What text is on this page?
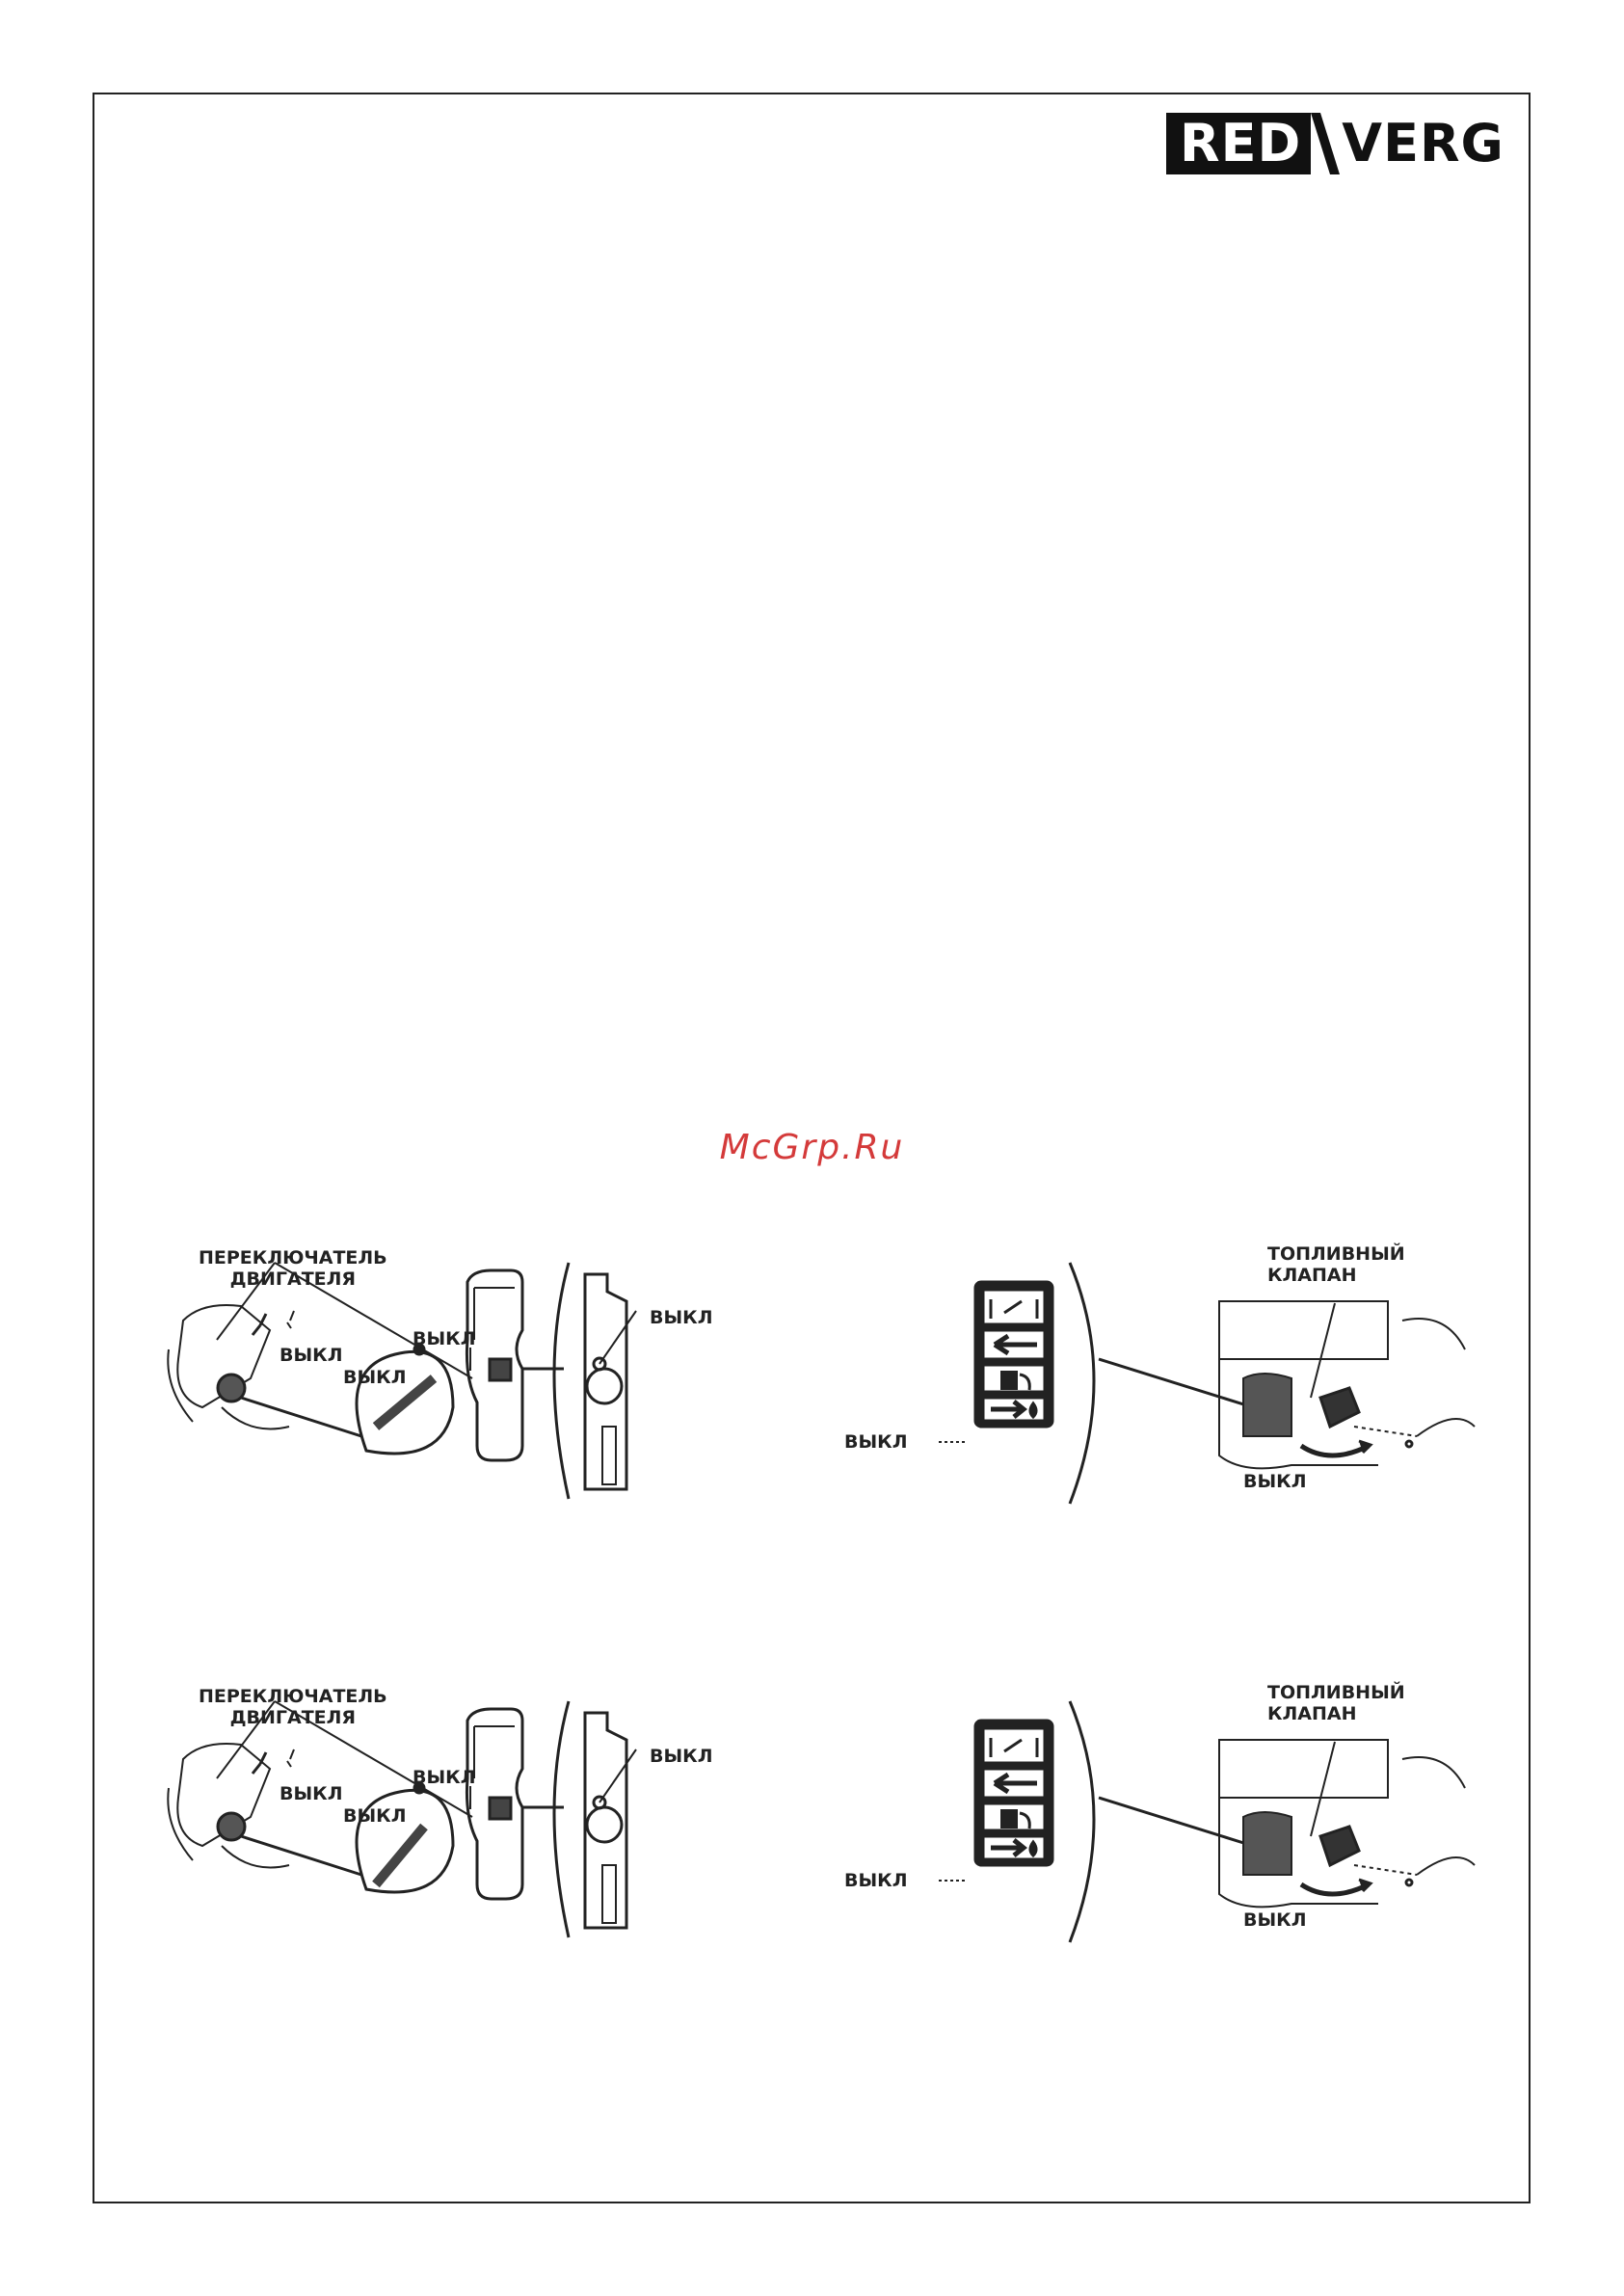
RED VERG
McGrp.Ru
ПЕРЕКЛЮЧАТЕЛЬ
ДВИГАТЕЛЯ
ВЫКЛ
ВЫКЛ
ВЫКЛ
ВЫКЛ
ТОПЛИВНЫЙ
КЛАПАН
ВЫКЛ
ВЫКЛ
ПЕРЕКЛЮЧАТЕЛЬ
ДВИГАТЕЛЯ
ВЫКЛ
ВЫКЛ
ВЫКЛ
ВЫКЛ
ТОПЛИВНЫЙ
КЛАПАН
ВЫКЛ
ВЫКЛ
